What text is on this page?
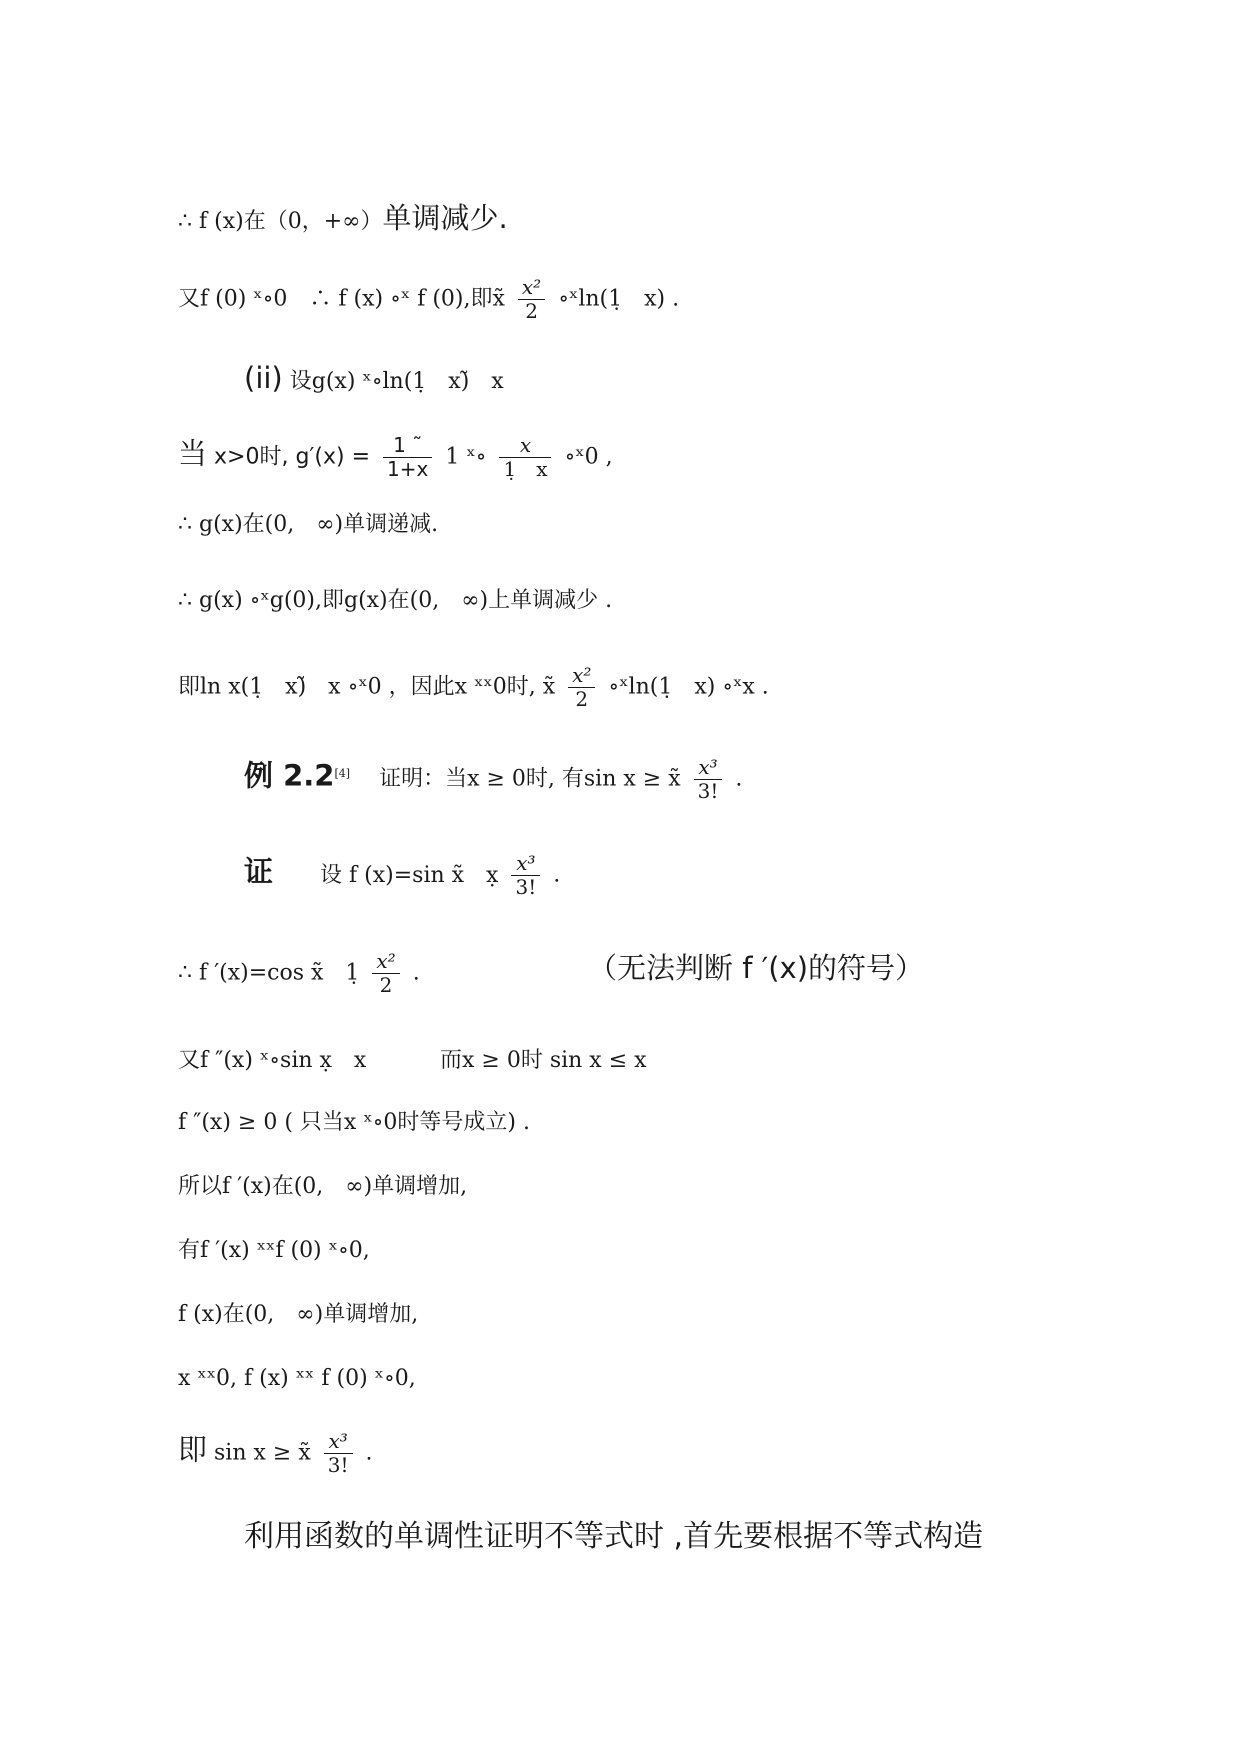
∴ f (x)在（0，+∞）单调减少.
又f (0) ˣ∘0　∴ f (x) ∘ˣ f (0),即x̃ $\frac{\text{x²}}{2}$ ∘ˣln(1̣　x) .
(ii) 设g(x) ˣ∘ln(1̣　x)̃　x
当 x>0时, $g'(x) = \frac{1 ˜}{1+x} 1$ ˣ∘ $\frac{x}{1̣ x}$ ∘ˣ0 ,
∴ g(x)在(0,　∞)单调递减.
∴ g(x) ∘ˣg(0),即g(x)在(0,　∞)上单调减少 .
即ln x(1̣　x)̃　x ∘ˣ0 ，因此x ˣˣ0时, x̃ $\frac{\text{x²}}{2}$ ∘ˣln(1̣　x) ∘ˣx .
例 2.2[4] 　证明：当x ≥ 0时, 有sin x ≥ x̃ $\frac{\text{x³}}{3!}$ .
证 设 f (x)=sin x̃　x̣ $\frac{\text{x³}}{3!}$ .
∴ f ′(x)=cos x̃　1̣ $\frac{\text{x²}}{2}$ .	（无法判断 f ′(x)的符号）
又f ″(x) ˣ∘sin x̣　x	而x ≥ 0时 sin x ≤ x
f ″(x) ≥ 0 ( 只当x ˣ∘0时等号成立) .
所以f ′(x)在(0,　∞)单调增加,
有f ′(x) ˣˣf (0) ˣ∘0,
f (x)在(0,　∞)单调增加,
x ˣˣ0, f (x) ˣˣ f (0) ˣ∘0,
即 sin x ≥ x̃ $\frac{\text{x³}}{3!}$ .
利用函数的单调性证明不等式时 ,首先要根据不等式构造
